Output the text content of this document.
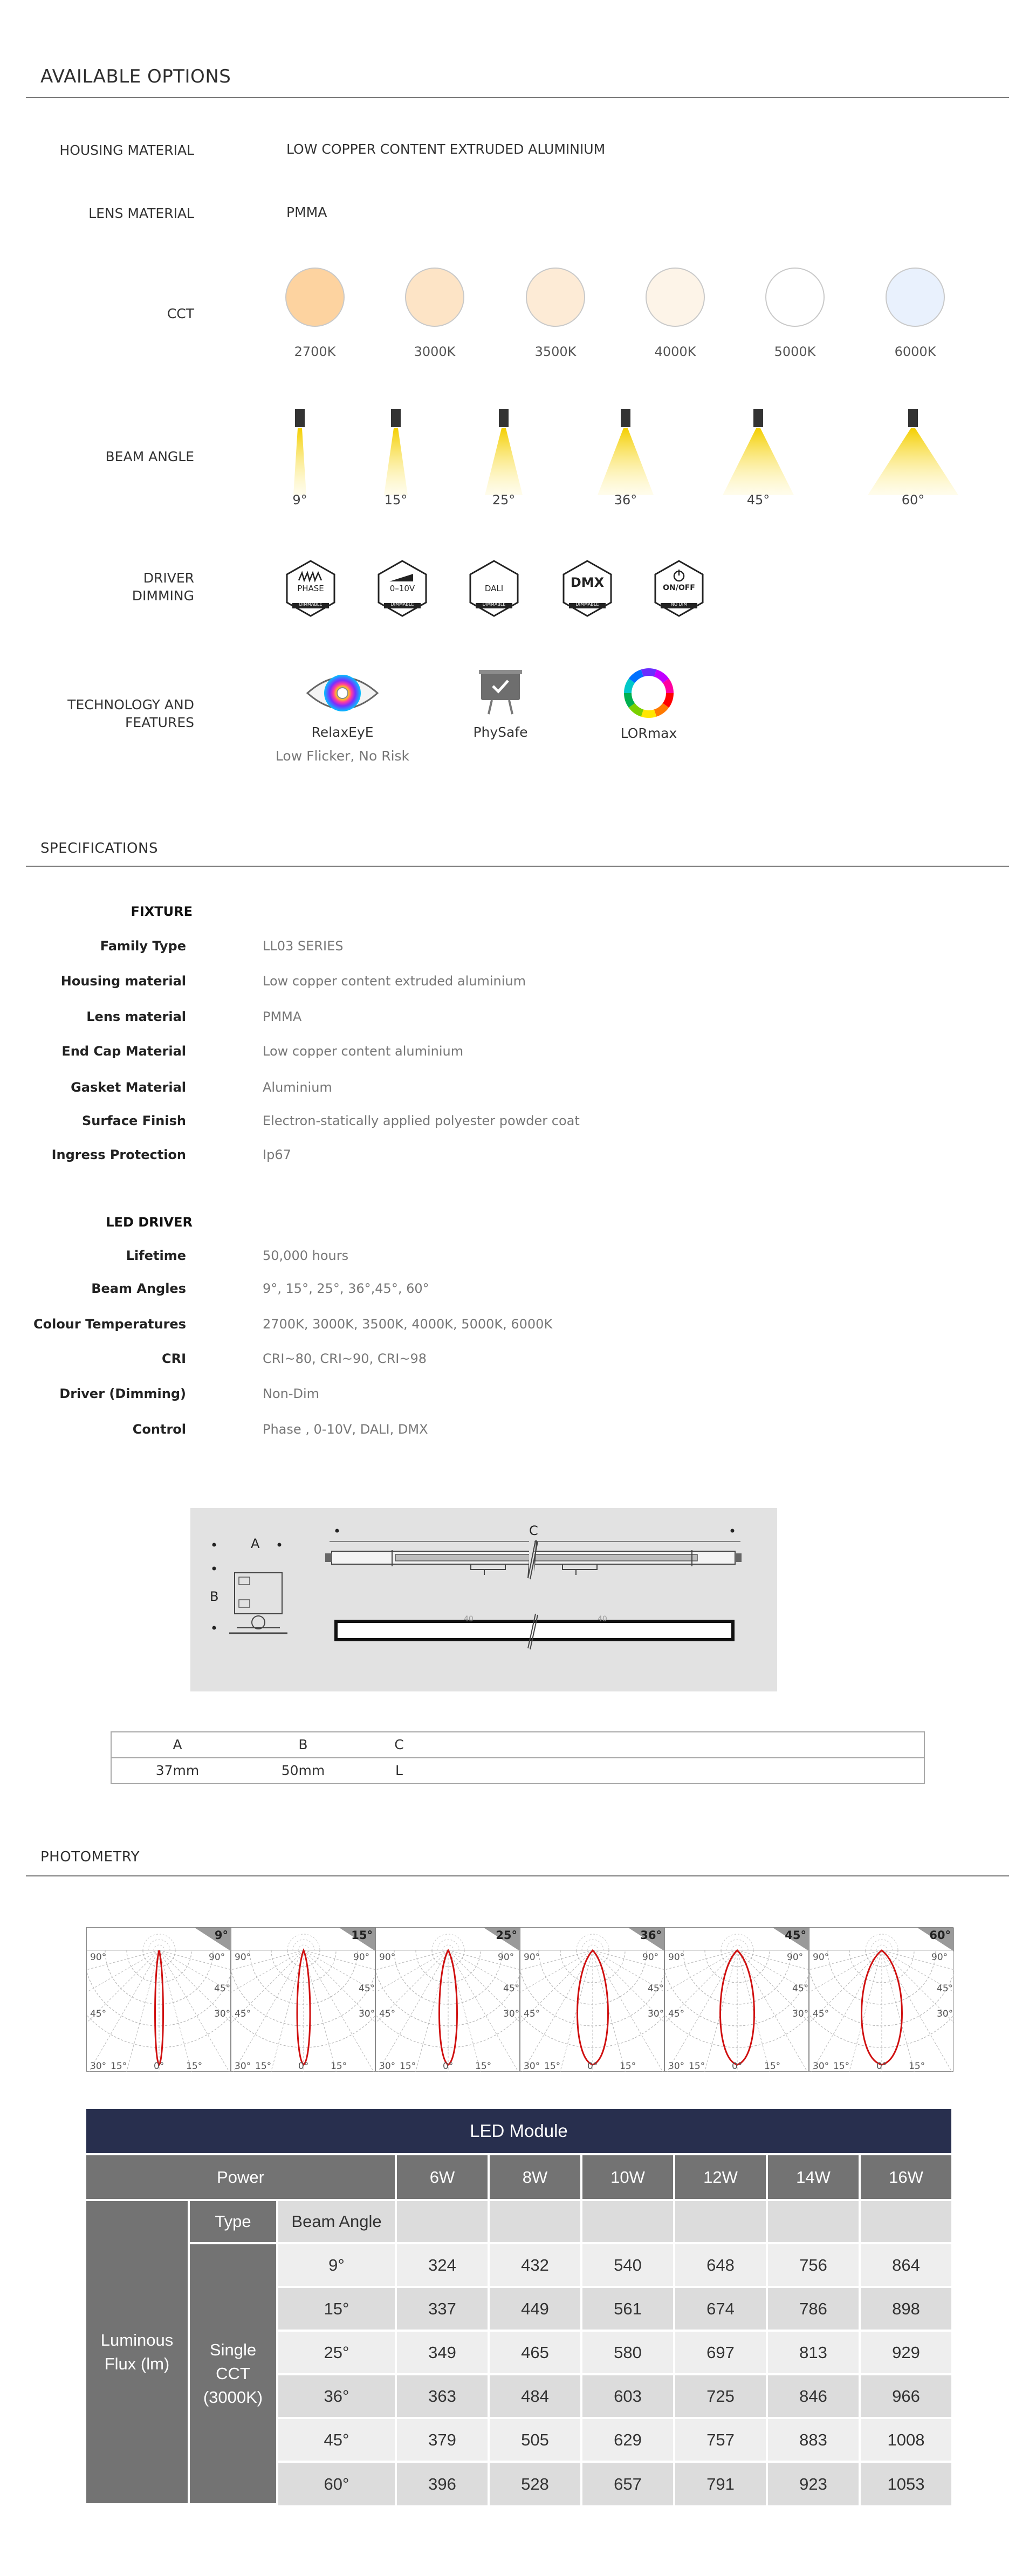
AVAILABLE OPTIONS
HOUSING MATERIAL	LOW COPPER CONTENT EXTRUDED ALUMINIUM
LENS MATERIAL	PMMA
CCT
2700K	3000K	3500K	4000K	5000K	6000K
BEAM ANGLE
9°	15°	25°	36°	45°	60°
DRIVER
DIMMING	PHASE
DIMMABLE
0–10V
DIMMABLE
DALI
DIMMABLE
DMX
DIMMABLE
ON/OFF
NO DIM
TECHNOLOGY AND
FEATURES
RelaxEyE
Low Flicker, No Risk
PhySafe	LORmax
SPECIFICATIONS
FIXTURE
Family Type	LL03 SERIES
Housing material	Low copper content extruded aluminium
Lens material	PMMA
End Cap Material	Low copper content aluminium
Gasket Material	Aluminium
Surface Finish	Electron-statically applied polyester powder coat
Ingress Protection	Ip67
LED DRIVER
Lifetime	50,000 hours
Beam Angles	9°, 15°, 25°, 36°,45°, 60°
Colour Temperatures	2700K, 3000K, 3500K, 4000K, 5000K, 6000K
CRI	CRI~80, CRI~90, CRI~98
Driver (Dimming)	Non-Dim
Control	Phase , 0-10V, DALI, DMX
40	40
A
B
C
A	B	C
37mm	50mm	L
PHOTOMETRY
90°
45°
30° 15°	0° 15°
30°
45°
90°
9°
90°
45°
30° 15°	0° 15°
30°
45°
90°
15°
90°
45°
30° 15°	0° 15°
30°
45°
90°
25°
90°
45°
30° 15°	0° 15°
30°
45°
90°
36°
90°
45°
30° 15°	0° 15°
30°
45°
90°
45°
90°
45°
30° 15°	0° 15°
30°
45°
90°
60°
LED Module
Power	6W	8W	10W	12W	14W	16W
Luminous Flux (lm)
Type	Beam Angle
Single CCT (3000K)
9°	324	432	540	648	756	864
15°	337	449	561	674	786	898
25°	349	465	580	697	813	929
36°	363	484	603	725	846	966
45°	379	505	629	757	883	1008
60°	396	528	657	791	923	1053
